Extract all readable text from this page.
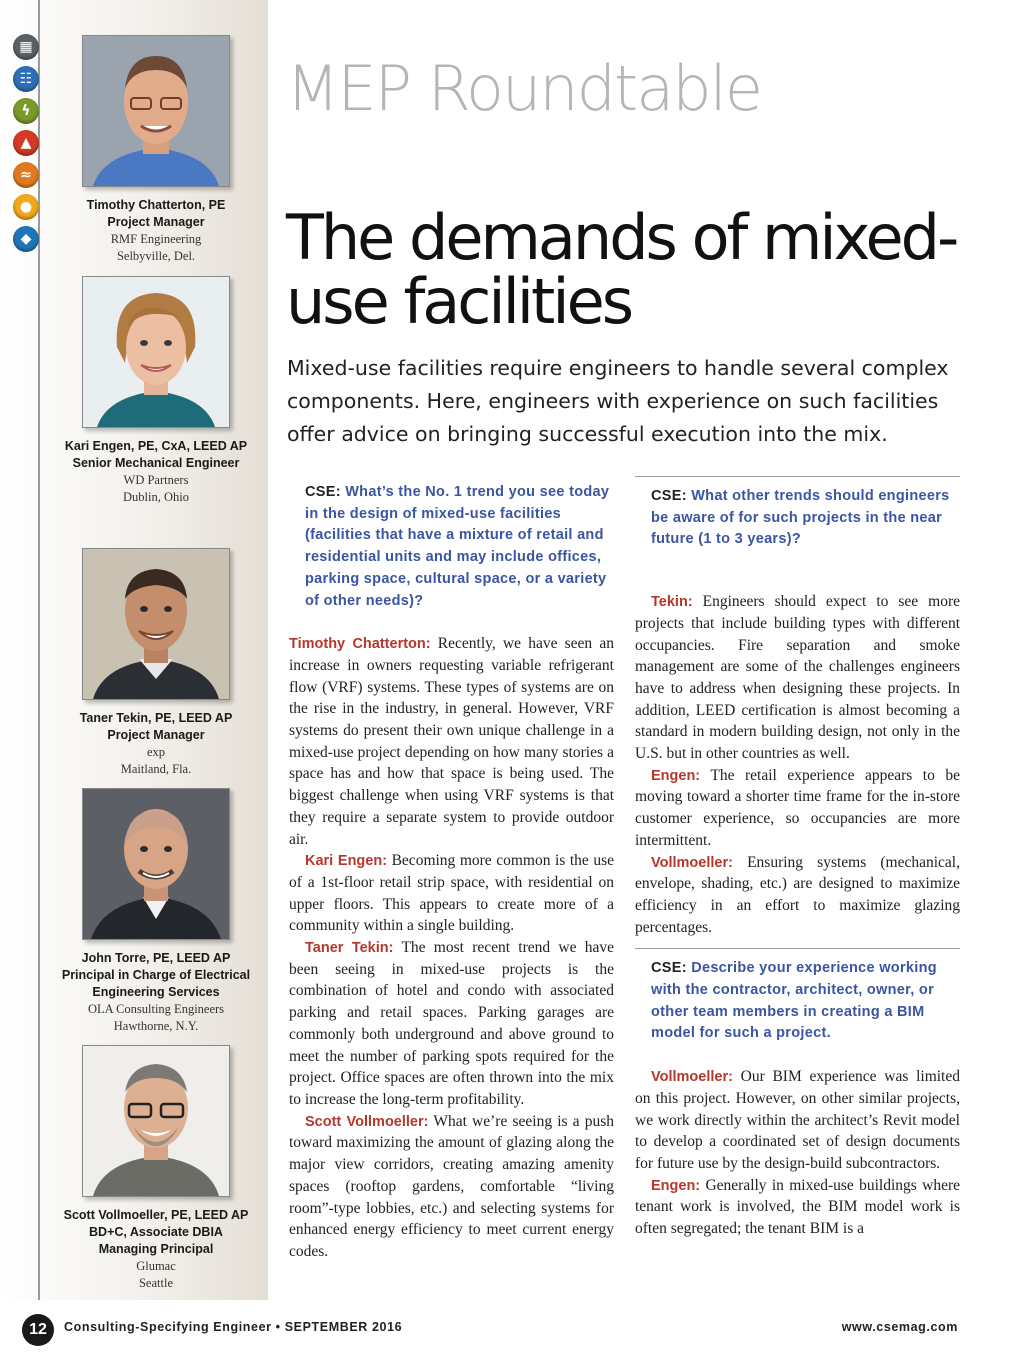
▦
☷
ϟ
▲
≈
●
◆
Timothy Chatterton, PE
Project Manager
RMF Engineering
Selbyville, Del.
Kari Engen, PE, CxA, LEED AP
Senior Mechanical Engineer
WD Partners
Dublin, Ohio
Taner Tekin, PE, LEED AP
Project Manager
exp
Maitland, Fla.
John Torre, PE, LEED AP
Principal in Charge of Electrical Engineering Services
OLA Consulting Engineers
Hawthorne, N.Y.
Scott Vollmoeller, PE, LEED AP BD+C, Associate DBIA
Managing Principal
Glumac
Seattle
MEP Roundtable
The demands of mixed-use facilities

Mixed-use facilities require engineers to handle several complex components. Here, engineers with experience on such facilities offer advice on bringing successful execution into the mix.

CSE: What’s the No. 1 trend you see today in the design of mixed-use facilities (facilities that have a mixture of retail and residential units and may include offices, parking space, cultural space, or a variety of other needs)?

Timothy Chatterton: Recently, we have seen an increase in owners requesting variable refrigerant flow (VRF) systems. These types of systems are on the rise in the industry, in general. However, VRF systems do present their own unique challenge in a mixed-use project depending on how many stories a space has and how that space is being used. The biggest challenge when using VRF systems is that they require a separate system to provide outdoor air.

Kari Engen: Becoming more common is the use of a 1st-floor retail strip space, with residential on upper floors. This appears to create more of a community within a single building.

Taner Tekin: The most recent trend we have been seeing in mixed-use projects is the combination of hotel and condo with associated parking and retail spaces. Parking garages are commonly both underground and above ground to meet the number of parking spots required for the project. Office spaces are often thrown into the mix to increase the long-term profitability.

Scott Vollmoeller: What we’re seeing is a push toward maximizing the amount of glazing along the major view corridors, creating amazing amenity spaces (rooftop gardens, comfortable “living room”-type lobbies, etc.) and selecting systems for enhanced energy efficiency to meet current energy codes.

CSE: What other trends should engineers be aware of for such projects in the near future (1 to 3 years)?

Tekin: Engineers should expect to see more projects that include building types with different occupancies. Fire separation and smoke management are some of the challenges engineers have to address when designing these projects. In addition, LEED certification is almost becoming a standard in modern building design, not only in the U.S. but in other countries as well.

Engen: The retail experience appears to be moving toward a shorter time frame for the in-store customer experience, so occupancies are more intermittent.

Vollmoeller: Ensuring systems (mechanical, envelope, shading, etc.) are designed to maximize efficiency in an effort to maximize glazing percentages.

CSE: Describe your experience working with the contractor, architect, owner, or other team members in creating a BIM model for such a project.

Vollmoeller: Our BIM experience was limited on this project. However, on other similar projects, we work directly within the architect’s Revit model to develop a coordinated set of design documents for future use by the design-build subcontractors.

Engen: Generally in mixed-use buildings where tenant work is involved, the BIM model work is often segregated; the tenant BIM is a

12	Consulting-Specifying Engineer • SEPTEMBER 2016	www.csemag.com
